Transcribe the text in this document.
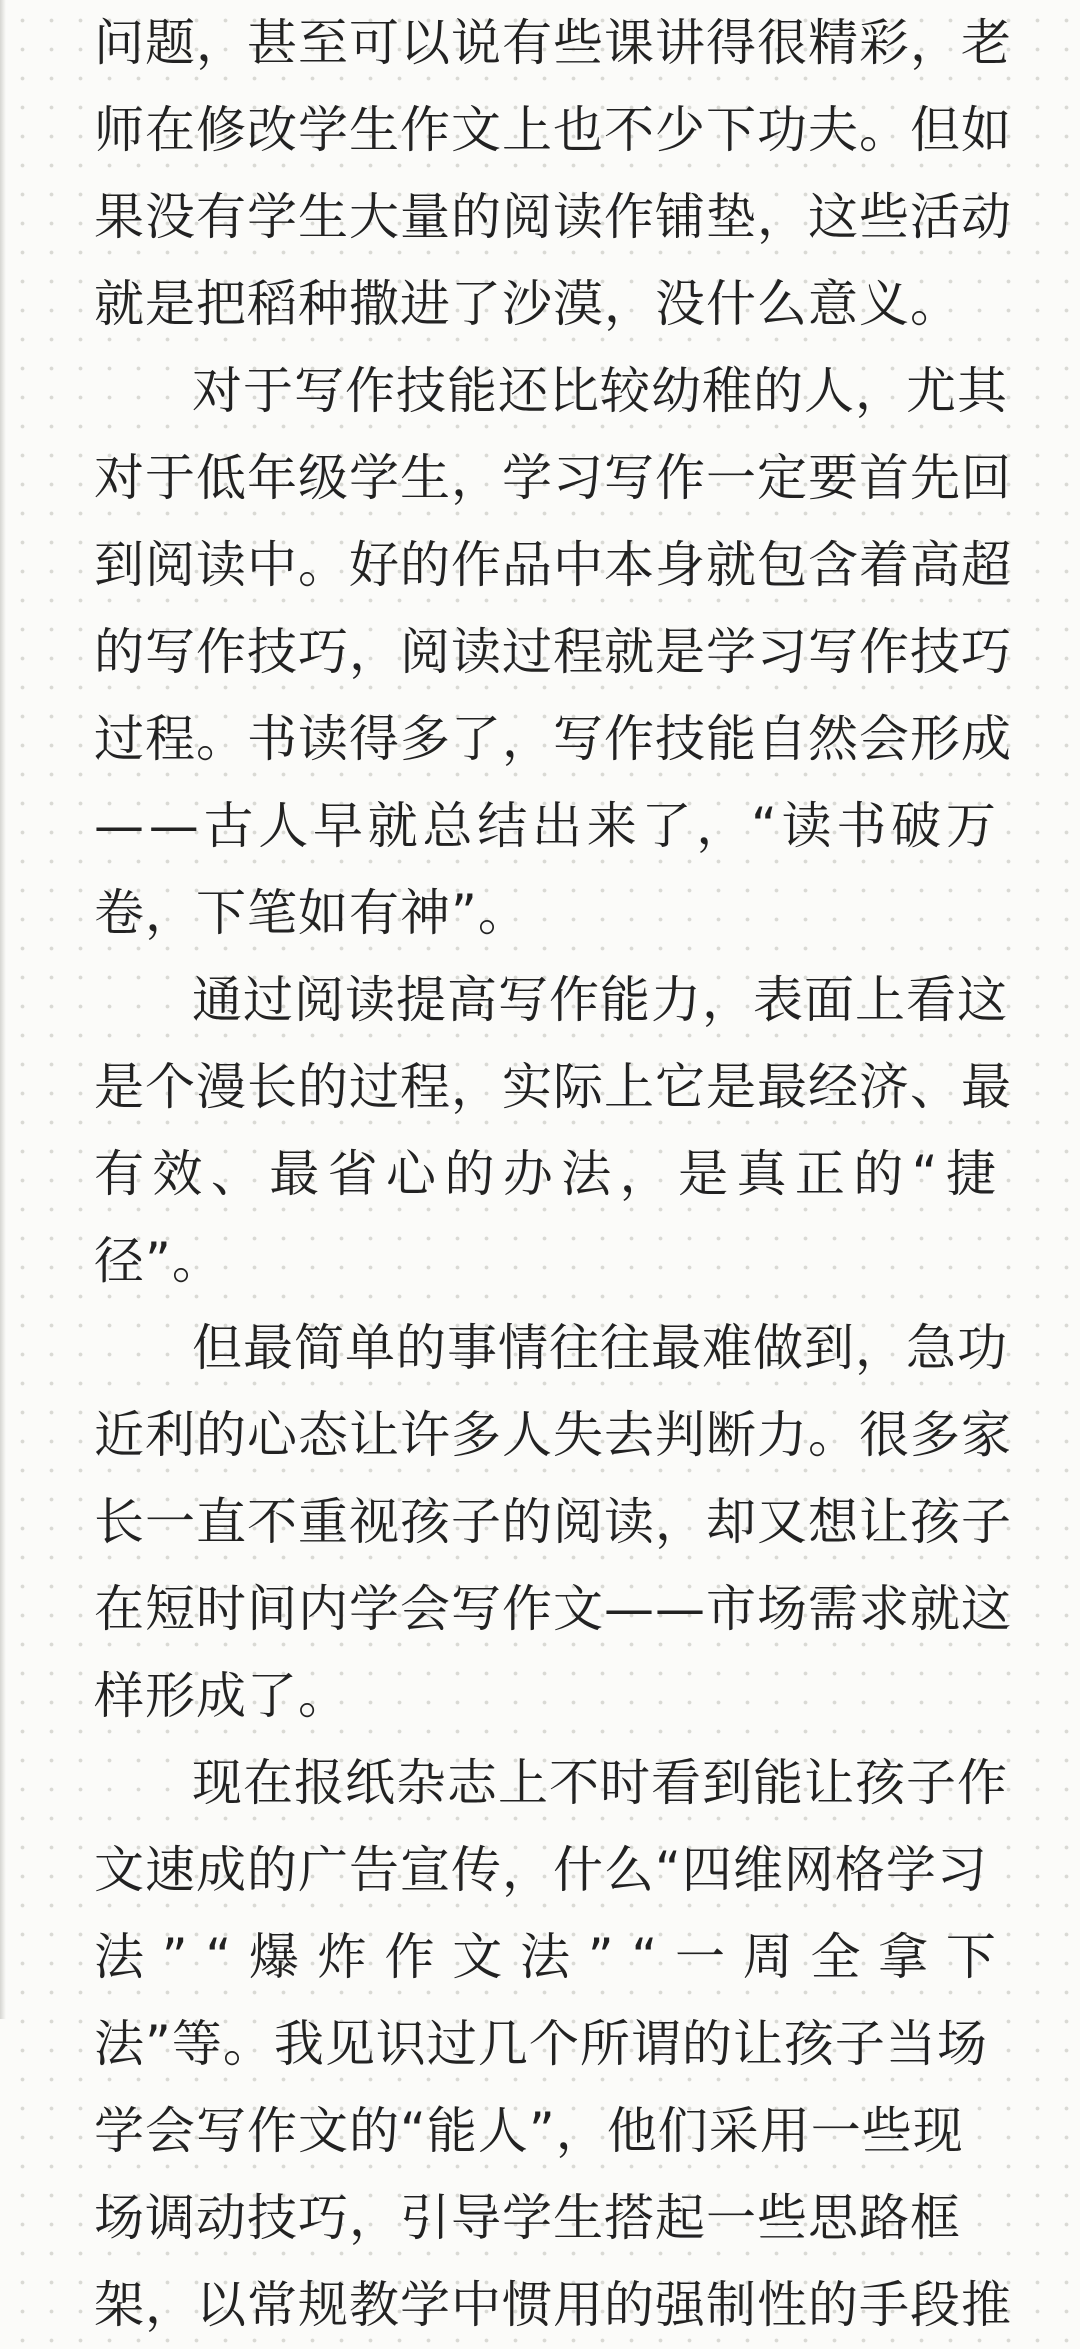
问题，甚至可以说有些课讲得很精彩，老
师在修改学生作文上也不少下功夫。但如
果没有学生大量的阅读作铺垫，这些活动
就是把稻种撒进了沙漠，没什么意义。
对于写作技能还比较幼稚的人，尤其
对于低年级学生，学习写作一定要首先回
到阅读中。好的作品中本身就包含着高超
的写作技巧，阅读过程就是学习写作技巧
过程。书读得多了，写作技能自然会形成
— — 古 人 早 就 总 结 出 来 了 ， “ 读 书 破 万
卷，下笔如有神”。
通过阅读提高写作能力，表面上看这
是个漫长的过程，实际上它是最经济、最
有 效 、 最 省 心 的 办 法 ， 是 真 正 的 “ 捷
径”。
但最简单的事情往往最难做到，急功
近利的心态让许多人失去判断力。很多家
长一直不重视孩子的阅读，却又想让孩子
在短时间内学会写作文——市场需求就这
样形成了。
现在报纸杂志上不时看到能让孩子作
文速成的广告宣传，什么“四维网格学习
法 ” “ 爆 炸 作 文 法 ” “ 一 周 全 拿 下
法”等。我见识过几个所谓的让孩子当场
学会写作文的“能人”，他们采用一些现
场调动技巧，引导学生搭起一些思路框
架，以常规教学中惯用的强制性的手段推
